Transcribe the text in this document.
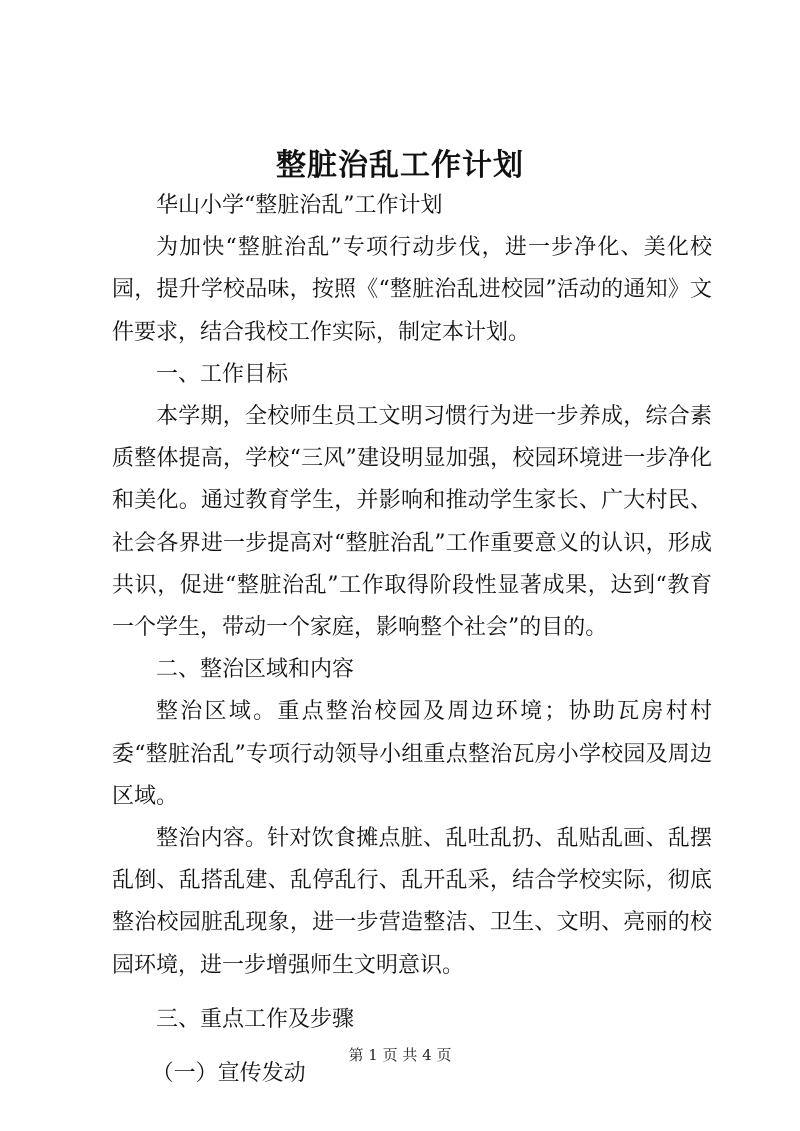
整脏治乱工作计划

华山小学“整脏治乱”工作计划

为加快“整脏治乱”专项行动步伐，进一步净化、美化校园，提升学校品味，按照《“整脏治乱进校园”活动的通知》文件要求，结合我校工作实际，制定本计划。

一、工作目标

本学期，全校师生员工文明习惯行为进一步养成，综合素质整体提高，学校“三风”建设明显加强，校园环境进一步净化和美化。通过教育学生，并影响和推动学生家长、广大村民、社会各界进一步提高对“整脏治乱”工作重要意义的认识，形成共识，促进“整脏治乱”工作取得阶段性显著成果，达到“教育一个学生，带动一个家庭，影响整个社会”的目的。

二、整治区域和内容

整治区域。重点整治校园及周边环境；协助瓦房村村委“整脏治乱”专项行动领导小组重点整治瓦房小学校园及周边区域。

整治内容。针对饮食摊点脏、乱吐乱扔、乱贴乱画、乱摆乱倒、乱搭乱建、乱停乱行、乱开乱采，结合学校实际，彻底整治校园脏乱现象，进一步营造整洁、卫生、文明、亮丽的校园环境，进一步增强师生文明意识。

三、重点工作及步骤

（一）宣传发动

第 1 页 共 4 页
